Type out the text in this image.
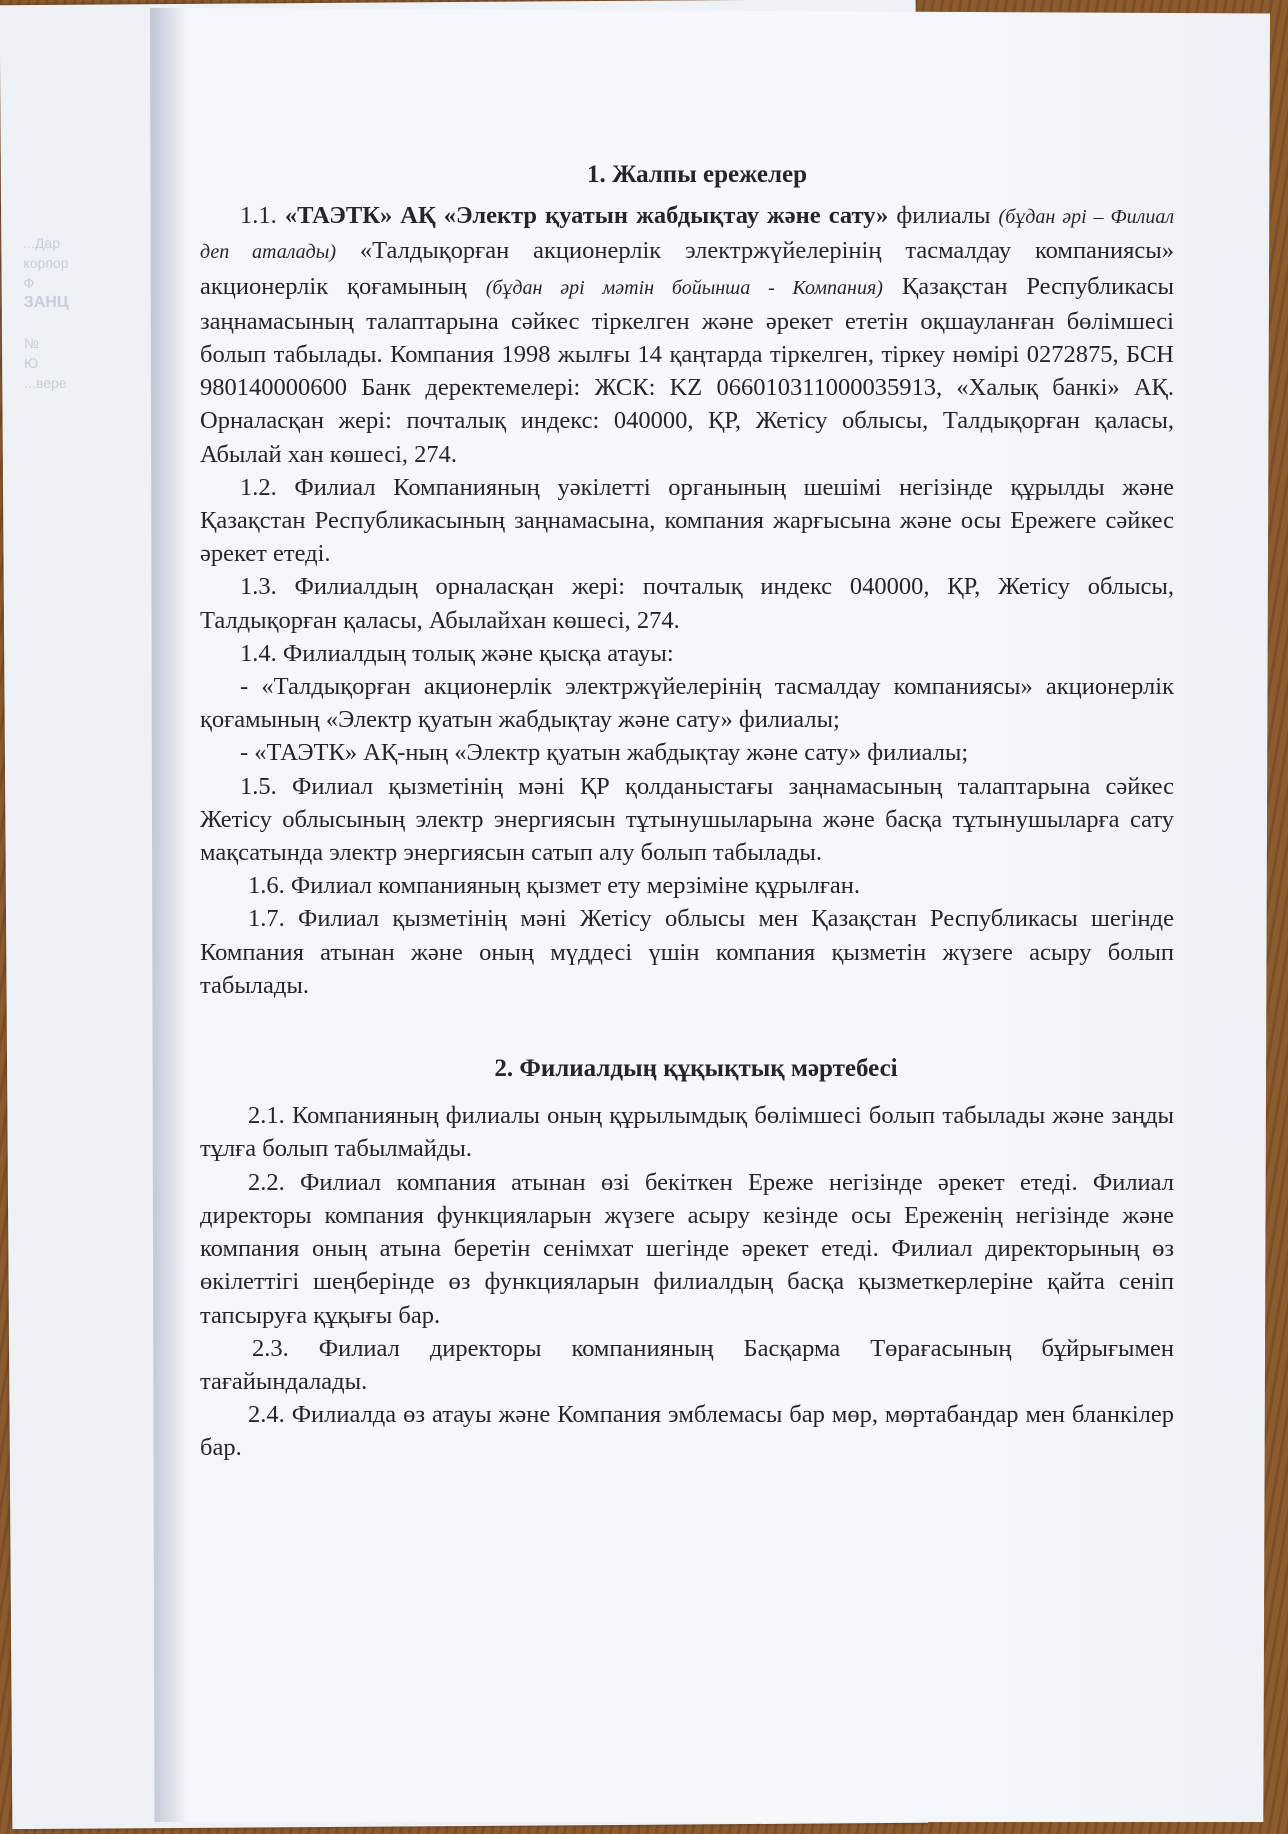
...Дар
корпор
Ф
ЗАНЦ
№
Ю
...вере
1. Жалпы ережелер

1.1. «ТАЭТК» АҚ «Электр қуатын жабдықтау және сату» филиалы (бұдан әрі – Филиал деп аталады) «Талдықорған акционерлік электржүйелерінің тасмалдау компаниясы» акционерлік қоғамының (бұдан әрі мәтін бойынша - Компания) Қазақстан Республикасы заңнамасының талаптарына сәйкес тіркелген және әрекет ететін оқшауланған бөлімшесі болып табылады. Компания 1998 жылғы 14 қаңтарда тіркелген, тіркеу нөмірі 0272875, БСН 980140000600 Банк деректемелері: ЖСК: KZ 066010311000035913, «Халық банкі» АҚ. Орналасқан жері: почталық индекс: 040000, ҚР, Жетісу облысы, Талдықорған қаласы, Абылай хан көшесі, 274.

1.2. Филиал Компанияның уәкілетті органының шешімі негізінде құрылды және Қазақстан Республикасының заңнамасына, компания жарғысына және осы Ережеге сәйкес әрекет етеді.

1.3. Филиалдың орналасқан жері: почталық индекс 040000, ҚР, Жетісу облысы, Талдықорған қаласы, Абылайхан көшесі, 274.

1.4. Филиалдың толық және қысқа атауы:

- «Талдықорған акционерлік электржүйелерінің тасмалдау компаниясы» акционерлік қоғамының «Электр қуатын жабдықтау және сату» филиалы;

- «ТАЭТК» АҚ-ның «Электр қуатын жабдықтау және сату» филиалы;

1.5. Филиал қызметінің мәні ҚР қолданыстағы заңнамасының талаптарына сәйкес Жетісу облысының электр энергиясын тұтынушыларына және басқа тұтынушыларға сату мақсатында электр энергиясын сатып алу болып табылады.

1.6. Филиал компанияның қызмет ету мерзіміне құрылған.

1.7. Филиал қызметінің мәні Жетісу облысы мен Қазақстан Республикасы шегінде Компания атынан және оның мүддесі үшін компания қызметін жүзеге асыру болып табылады.

2. Филиалдың құқықтық мәртебесі

2.1. Компанияның филиалы оның құрылымдық бөлімшесі болып табылады және заңды тұлға болып табылмайды.

2.2. Филиал компания атынан өзі бекіткен Ереже негізінде әрекет етеді. Филиал директоры компания функцияларын жүзеге асыру кезінде осы Ереженің негізінде және компания оның атына беретін сенімхат шегінде әрекет етеді. Филиал директорының өз өкілеттігі шеңберінде өз функцияларын филиалдың басқа қызметкерлеріне қайта сеніп тапсыруға құқығы бар.

2.3. Филиал директоры компанияның Басқарма Төрағасының бұйрығымен тағайындалады.

2.4. Филиалда өз атауы және Компания эмблемасы бар мөр, мөртабандар мен бланкілер бар.
